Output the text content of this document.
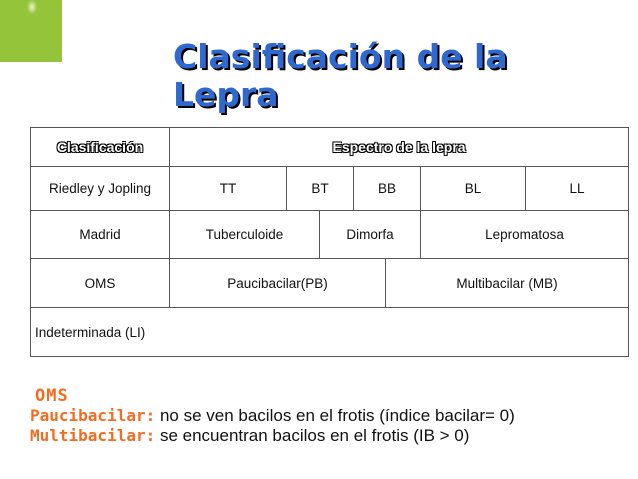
Clasificación de la
Lepra
Clasificación	Espectro de la lepra						
Riedley y Jopling	TT	BT		BB		BL	LL
Madrid	Tuberculoide		Dimorfa			Lepromatosa	
OMS	Paucibacilar(PB)				Multibacilar (MB)		
Indeterminada (LI)							
OMS
Paucibacilar: no se ven bacilos en el frotis (índice bacilar= 0)
Multibacilar: se encuentran bacilos en el frotis (IB > 0)
